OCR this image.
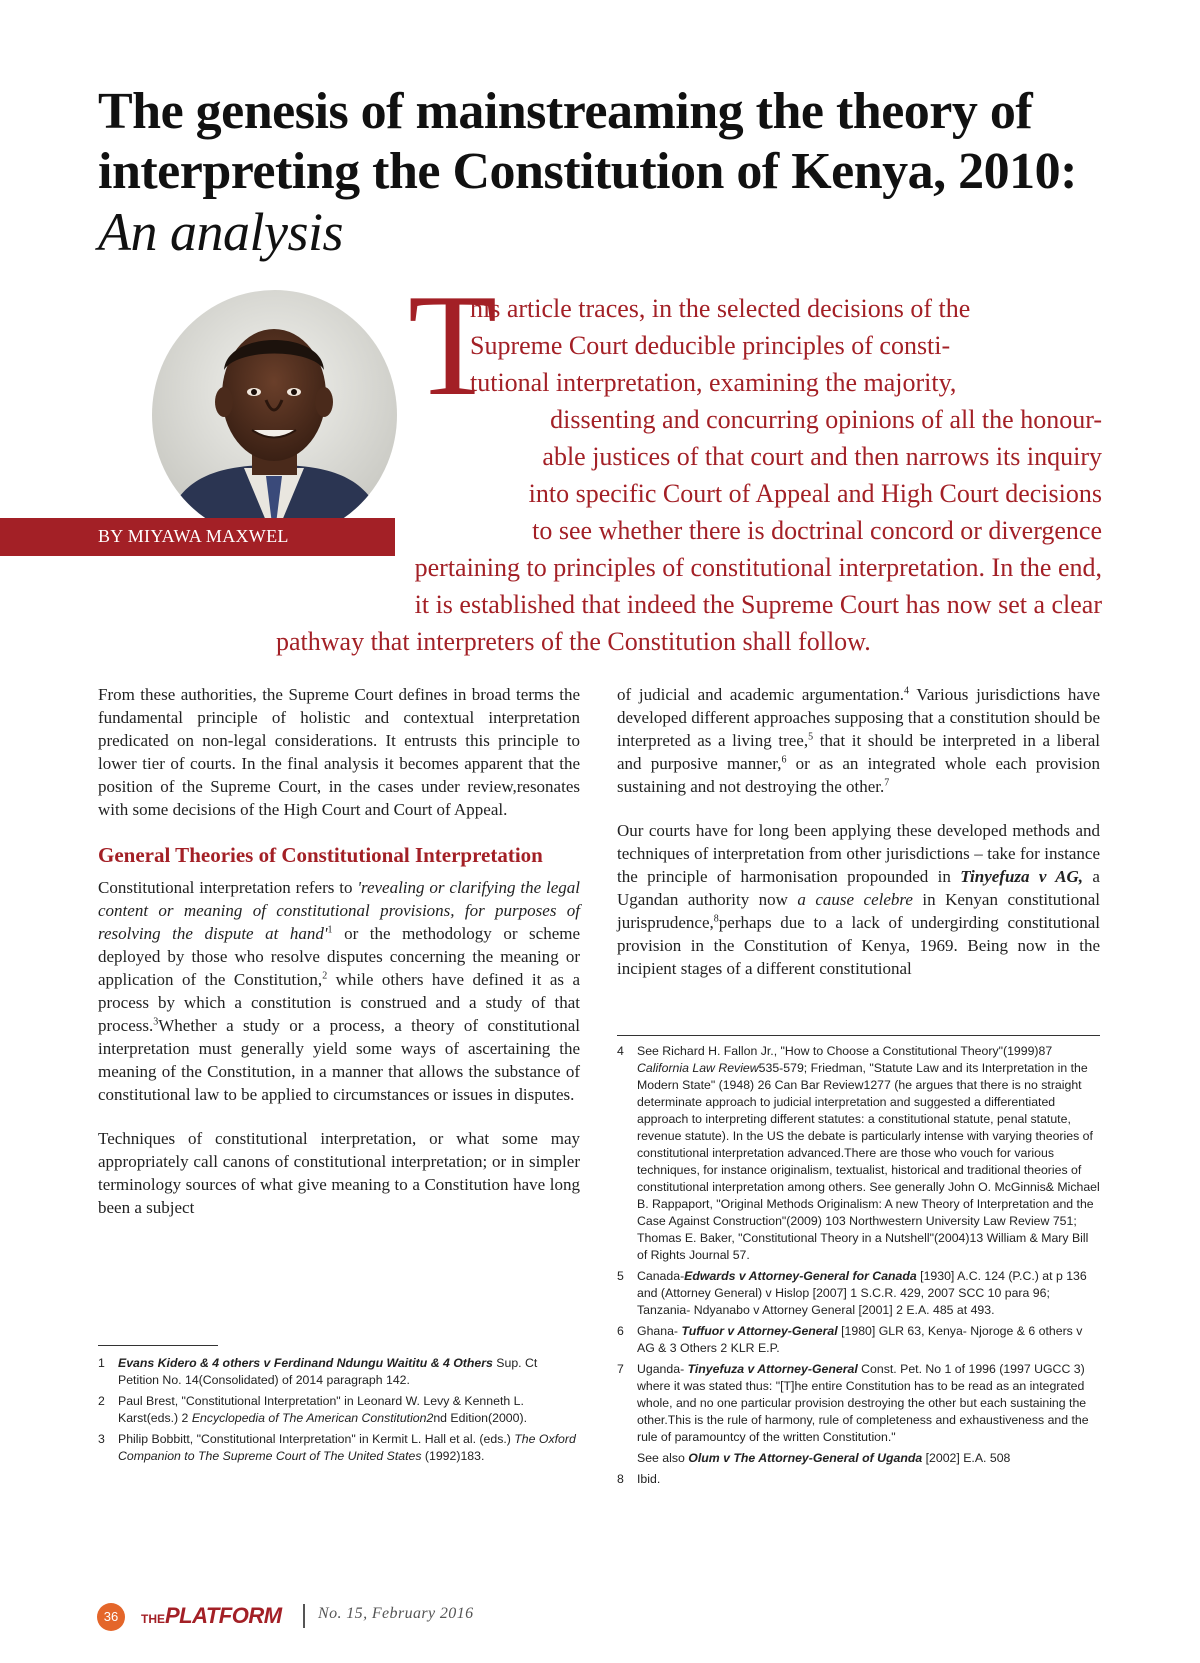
The genesis of mainstreaming the theory of
interpreting the Constitution of Kenya, 2010:
An analysis
BY MIYAWA MAXWEL
T
his article traces, in the selected decisions of the
Supreme Court deducible principles of consti-
tutional interpretation, examining the majority,
dissenting and concurring opinions of all the honour-
able justices of that court and then narrows its inquiry
into specific Court of Appeal and High Court decisions
to see whether there is doctrinal concord or divergence
pertaining to principles of constitutional interpretation. In the end,
it is established that indeed the Supreme Court has now set a clear
pathway that interpreters of the Constitution shall follow.

From these authorities, the Supreme Court defines in broad terms the fundamental principle of holistic and contextual interpretation predicated on non-legal considerations. It entrusts this principle to lower tier of courts. In the final analysis it becomes apparent that the position of the Supreme Court, in the cases under review,resonates with some decisions of the High Court and Court of Appeal.

General Theories of Constitutional Interpretation

Constitutional interpretation refers to 'revealing or clarifying the legal content or meaning of constitutional provisions, for purposes of resolving the dispute at $hand'^1$ or the methodology or scheme deployed by those who resolve disputes concerning the meaning or application of the Constitution,$^2$ while others have defined it as a process by which a constitution is construed and a study of that process.$^3$Whether a study or a process, a theory of constitutional interpretation must generally yield some ways of ascertaining the meaning of the Constitution, in a manner that allows the substance of constitutional law to be applied to circumstances or issues in disputes.

Techniques of constitutional interpretation, or what some may appropriately call canons of constitutional interpretation; or in simpler terminology sources of what give meaning to a Constitution have long been a subject

1	Evans Kidero & 4 others v Ferdinand Ndungu Waititu & 4 Others Sup. Ct Petition No. 14(Consolidated) of 2014 paragraph 142.
2	Paul Brest, "Constitutional Interpretation" in Leonard W. Levy & Kenneth L. Karst(eds.) 2 Encyclopedia of The American Constitution2nd Edition(2000).
3	Philip Bobbitt, "Constitutional Interpretation" in Kermit L. Hall et al. (eds.) The Oxford Companion to The Supreme Court of The United States (1992)183.

of judicial and academic argumentation.$^4$ Various jurisdictions have developed different approaches supposing that a constitution should be interpreted as a living tree,$^5$ that it should be interpreted in a liberal and purposive manner,$^6$ or as an integrated whole each provision sustaining and not destroying the other.$^7$

Our courts have for long been applying these developed methods and techniques of interpretation from other jurisdictions – take for instance the principle of harmonisation propounded in Tinyefuza v AG, a Ugandan authority now a cause celebre in Kenyan constitutional jurisprudence,$^8$perhaps due to a lack of undergirding constitutional provision in the Constitution of Kenya, 1969. Being now in the incipient stages of a different constitutional

4	See Richard H. Fallon Jr., "How to Choose a Constitutional Theory"(1999)87 California Law Review535-579; Friedman, "Statute Law and its Interpretation in the Modern State" (1948) 26 Can Bar Review1277 (he argues that there is no straight determinate approach to judicial interpretation and suggested a differentiated approach to interpreting different statutes: a constitutional statute, penal statute, revenue statute). In the US the debate is particularly intense with varying theories of constitutional interpretation advanced.There are those who vouch for various techniques, for instance originalism, textualist, historical and traditional theories of constitutional interpretation among others. See generally John O. McGinnis& Michael B. Rappaport, "Original Methods Originalism: A new Theory of Interpretation and the Case Against Construction"(2009) 103 Northwestern University Law Review 751; Thomas E. Baker, "Constitutional Theory in a Nutshell"(2004)13 William & Mary Bill of Rights Journal 57.
5	Canada-Edwards v Attorney-General for Canada [1930] A.C. 124 (P.C.) at p 136 and (Attorney General) v Hislop [2007] 1 S.C.R. 429, 2007 SCC 10 para 96; Tanzania- Ndyanabo v Attorney General [2001] 2 E.A. 485 at 493.
6	Ghana- Tuffuor v Attorney-General [1980] GLR 63, Kenya- Njoroge & 6 others v AG & 3 Others 2 KLR E.P.
7	Uganda- Tinyefuza v Attorney-General Const. Pet. No 1 of 1996 (1997 UGCC 3) where it was stated thus: "[T]he entire Constitution has to be read as an integrated whole, and no one particular provision destroying the other but each sustaining the other.This is the rule of harmony, rule of completeness and exhaustiveness and the rule of paramountcy of the written Constitution."
See also Olum v The Attorney-General of Uganda [2002] E.A. 508
8	Ibid.
36	THEPLATFORM No. 15, February 2016
